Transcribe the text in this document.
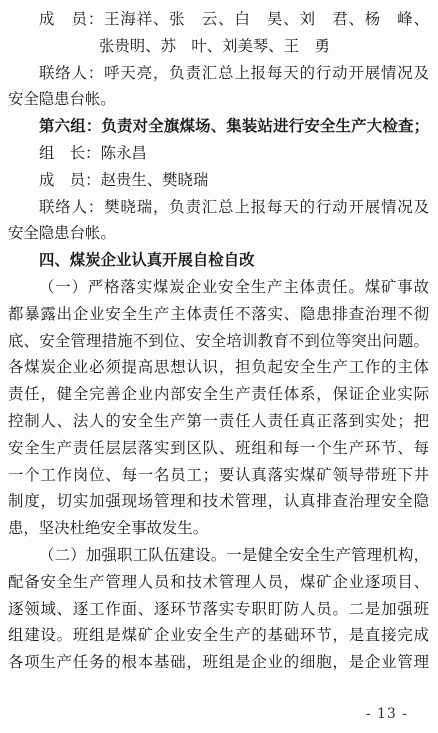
成　员：王海祥、张　云、白　昊、刘　君、杨　峰、
张贵明、苏　叶、刘美琴、王　勇
联络人：呼天亮，负责汇总上报每天的行动开展情况及
安全隐患台帐。
第六组：负责对全旗煤场、集装站进行安全生产大检查；
组　长：陈永昌
成　员：赵贵生、樊晓瑞
联络人：樊晓瑞，负责汇总上报每天的行动开展情况及
安全隐患台帐。
四、煤炭企业认真开展自检自改
（一）严格落实煤炭企业安全生产主体责任。煤矿事故
都暴露出企业安全生产主体责任不落实、隐患排查治理不彻
底、安全管理措施不到位、安全培训教育不到位等突出问题。
各煤炭企业必须提高思想认识，担负起安全生产工作的主体
责任，健全完善企业内部安全生产责任体系，保证企业实际
控制人、法人的安全生产第一责任人责任真正落到实处；把
安全生产责任层层落实到区队、班组和每一个生产环节、每
一个工作岗位、每一名员工；要认真落实煤矿领导带班下井
制度，切实加强现场管理和技术管理，认真排查治理安全隐
患，坚决杜绝安全事故发生。
（二）加强职工队伍建设。一是健全安全生产管理机构，
配备安全生产管理人员和技术管理人员，煤矿企业逐项目、
逐领域、逐工作面、逐环节落实专职盯防人员。二是加强班
组建设。班组是煤矿企业安全生产的基础环节，是直接完成
各项生产任务的根本基础，班组是企业的细胞，是企业管理
- 13 -
